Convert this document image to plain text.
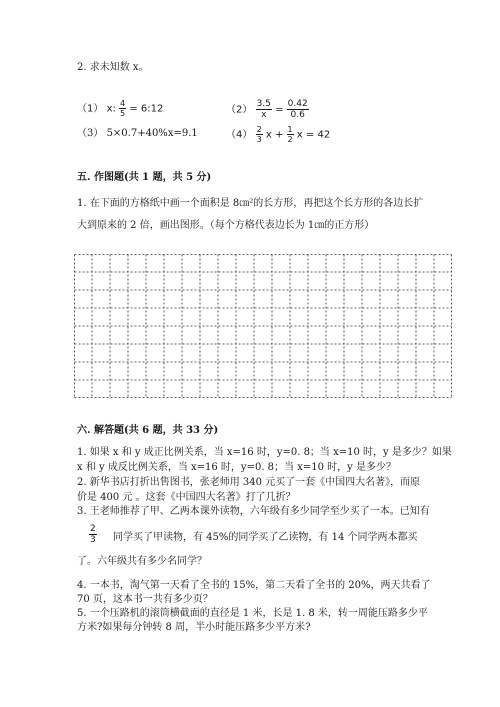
2. 求未知数 x。
（1） x: $\frac{4}{5}$ = 6:12	$(2) \frac{3.5}{x} = \frac{0.42}{0.6}$
（3） 5×0.7+40%x=9.1	$(4) \frac{2}{3}$ $x + \frac{1}{2}$ x = 42
五. 作图题(共 1 题，共 5 分)
1. 在下面的方格纸中画一个面积是 8㎝²的长方形，再把这个长方形的各边长扩
大到原来的 2 倍，画出图形。（每个方格代表边长为 1㎝的正方形）
六. 解答题(共 6 题，共 33 分)
1. 如果 x 和 y 成正比例关系，当 x=16 时，y=0. 8；当 x=10 时，y 是多少？如果
x 和 y 成反比例关系，当 x=16 时，y=0. 8；当 x=10 时，y 是多少？
2. 新华书店打折出售图书，张老师用 340 元买了一套《中国四大名著》，而原
价是 400 元 。这套《中国四大名著》打了几折？
3. 王老师推荐了甲、乙两本课外读物，六年级有多少同学至少买了一本。已知有
$\frac{2}{3}$ 同学买了甲读物，有 45%的同学买了乙读物，有 14 个同学两本都买
了。六年级共有多少名同学？
4. 一本书，淘气第一天看了全书的 15%，第二天看了全书的 20%，两天共看了
70 页，这本书一共有多少页？
5. 一个压路机的滚筒横截面的直径是 1 米，长是 1. 8 米，转一周能压路多少平
方米?如果每分钟转 8 周，半小时能压路多少平方米?
